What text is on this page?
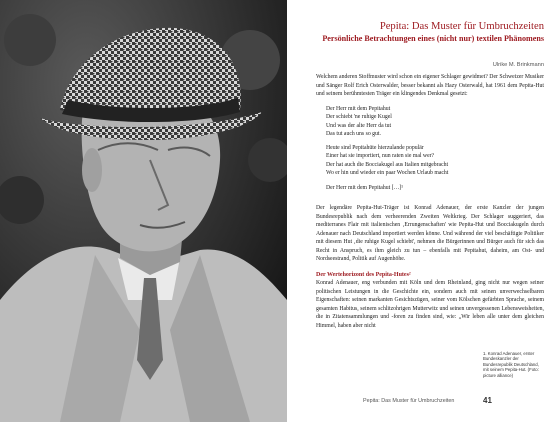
Pepita: Das Muster für Umbruchzeiten
Persönliche Betrachtungen eines (nicht nur) textilen Phänomens
Ulrike M. Brinkmann

Welchem anderen Stoffmuster wird schon ein eigener Schlager gewidmet? Der Schweizer Musiker und Sänger Rolf Erich Osterwalder, besser bekannt als Hazy Osterwald, hat 1961 dem Pepita-Hut und seinem berühmtesten Träger ein klingendes Denkmal gesetzt:

Der Herr mit dem Pepitahut
Der schiebt 'ne ruhige Kugel
Und was der alte Herr da tut
Das tut auch uns so gut.
Heute sind Pepitahüte hierzulande populär
Einer hat sie importiert, nun raten sie mal wer?
Der hat auch die Bocciakugel aus Italien mitgebracht
Wo er hin und wieder ein paar Wochen Urlaub macht

Der Herr mit dem Pepitahut […]¹

Der legendäre Pepita-Hut-Träger ist Konrad Adenauer, der erste Kanzler der jungen Bundesrepublik nach dem verheerenden Zweiten Weltkrieg. Der Schlager suggeriert, das mediterranes Flair mit italienischen ‚Errungenschaften' wie Pepita-Hut und Bocciakugeln durch Adenauer nach Deutschland importiert werden könne. Und während der viel beschäftigte Politiker mit diesem Hut ‚die ruhige Kugel schiebt', nehmen die Bürgerinnen und Bürger auch für sich das Recht in Anspruch, es ihm gleich zu tun – ebenfalls mit Pepitahut, daheim, am Ost- und Nordseestrand, Politik auf Augenhöhe.

Der Wertehorizont des Pepita-Hutes²

Konrad Adenauer, eng verbunden mit Köln und dem Rheinland, ging nicht nur wegen seiner politischen Leistungen in die Geschichte ein, sondern auch mit seinen unverwechselbaren Eigenschaften: seinen markanten Gesichtszügen, seiner vom Kölschen gefärbten Sprache, seinem gesamten Habitus, seinem schlitzohrigen Mutterwitz und seinen unvergessenen Lebensweisheiten, die in Zitatensammlungen und -foren zu finden sind, wie: „Wir leben alle unter dem gleichen Himmel, haben aber nicht

1. Konrad Adenauer, erster Bundeskanzler der Bundesrepublik Deutschland, mit seinem Pepita-Hut. (Foto: picture alliance)
Pepita: Das Muster für Umbruchzeiten	41
